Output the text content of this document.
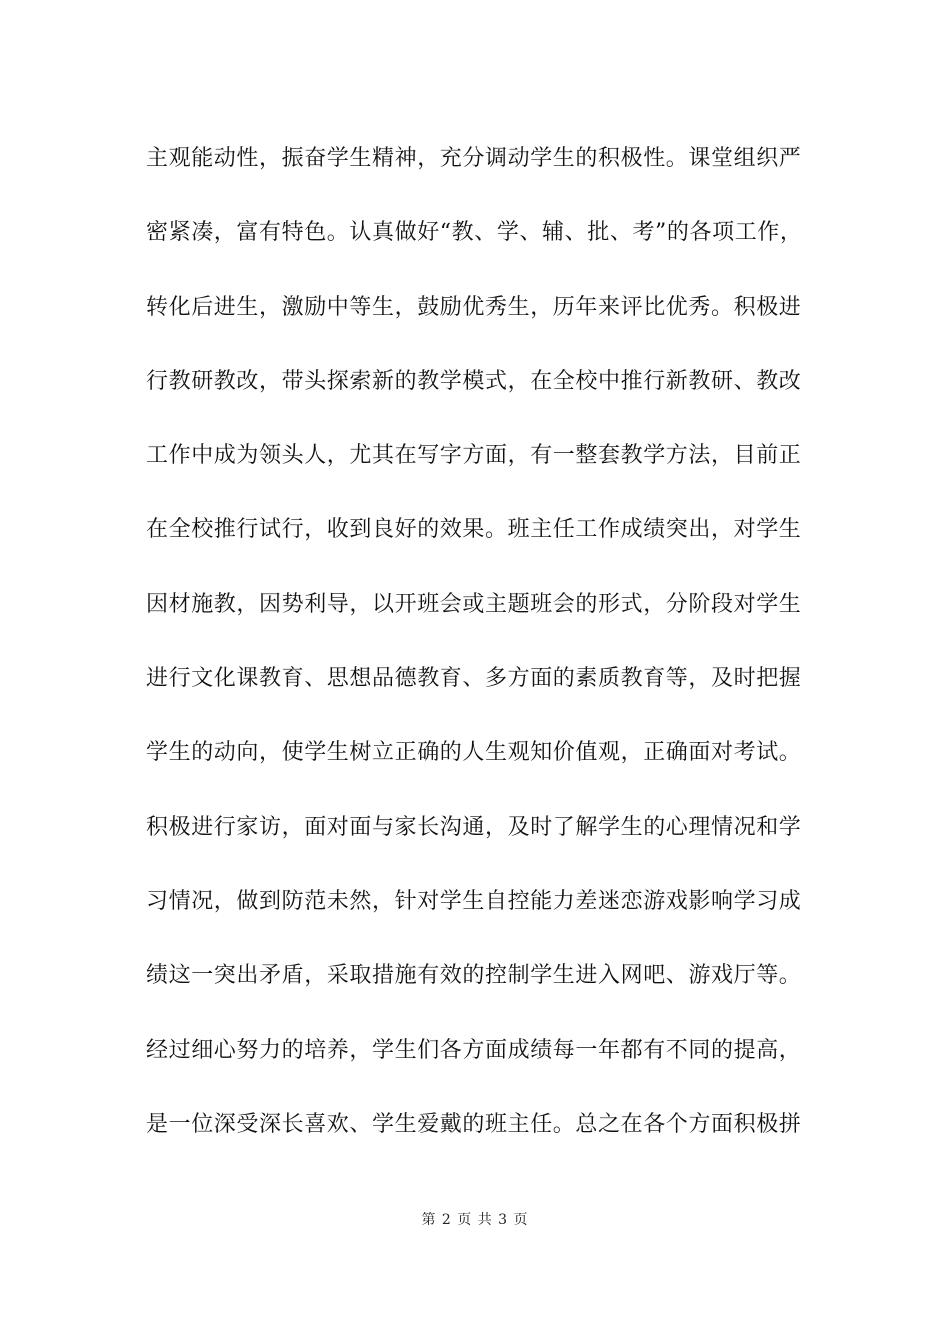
主观能动性，振奋学生精神，充分调动学生的积极性。课堂组织严
密紧凑，富有特色。认真做好“教、学、辅、批、考”的各项工作，
转化后进生，激励中等生，鼓励优秀生，历年来评比优秀。积极进
行教研教改，带头探索新的教学模式，在全校中推行新教研、教改
工作中成为领头人，尤其在写字方面，有一整套教学方法，目前正
在全校推行试行，收到良好的效果。班主任工作成绩突出，对学生
因材施教，因势利导，以开班会或主题班会的形式，分阶段对学生
进行文化课教育、思想品德教育、多方面的素质教育等，及时把握
学生的动向，使学生树立正确的人生观知价值观，正确面对考试。
积极进行家访，面对面与家长沟通，及时了解学生的心理情况和学
习情况，做到防范未然，针对学生自控能力差迷恋游戏影响学习成
绩这一突出矛盾，采取措施有效的控制学生进入网吧、游戏厅等。
经过细心努力的培养，学生们各方面成绩每一年都有不同的提高，
是一位深受深长喜欢、学生爱戴的班主任。总之在各个方面积极拼
第 2 页 共 3 页
